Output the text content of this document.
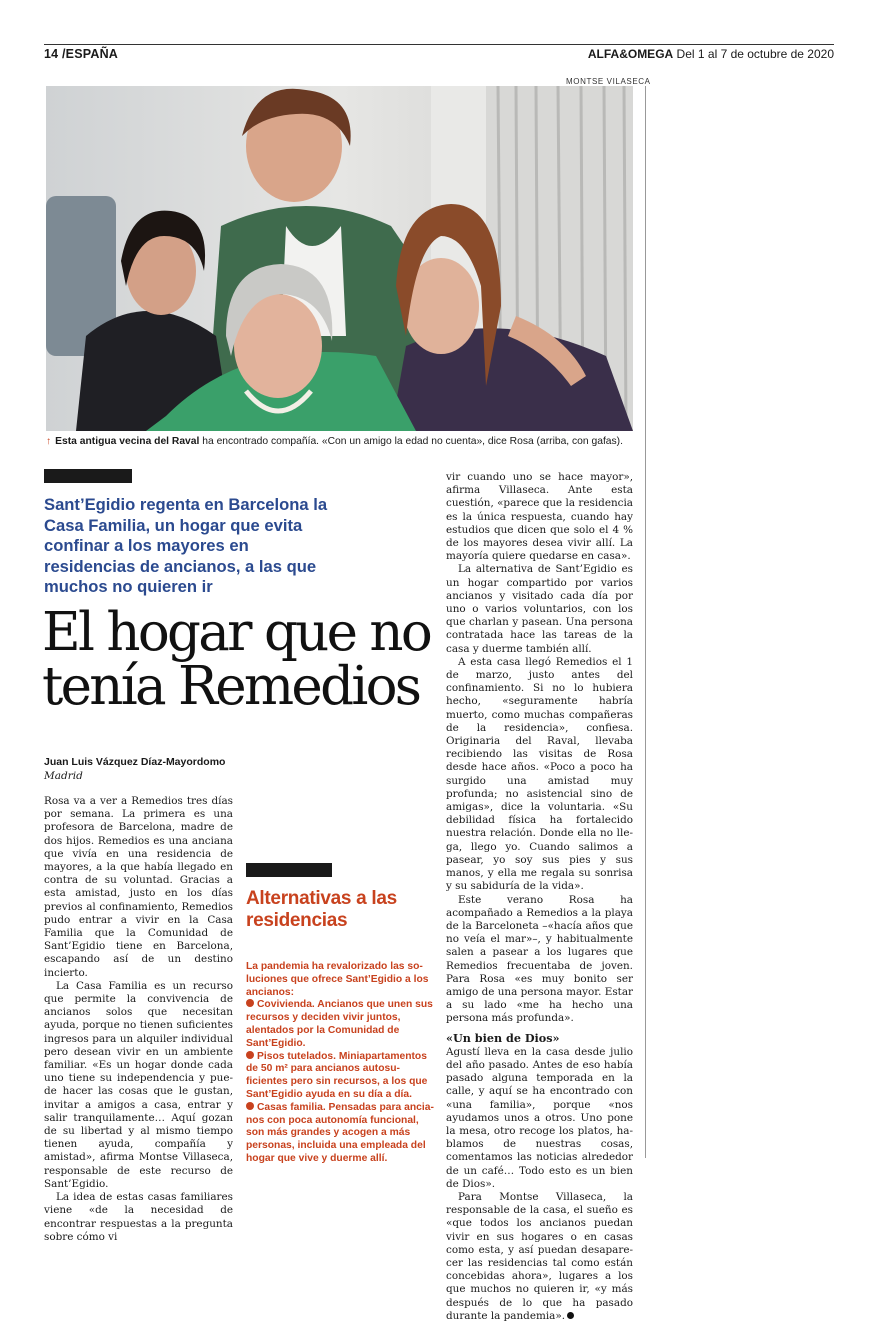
14 /ESPAÑA	ALFA&OMEGA Del 1 al 7 de octubre de 2020
MONTSE VILASECA
↑ Esta antigua vecina del Raval ha encontrado compañía. «Con un amigo la edad no cuenta», dice Rosa (arriba, con gafas).
Sant’Egidio regenta en Barcelona la Casa Familia, un hogar que evita confinar a los mayores en residencias de ancianos, a las que muchos no quieren ir
El hogar que no
tenía Remedios
Juan Luis Vázquez Díaz-Mayordomo
Madrid

Rosa va a ver a Remedios tres días por semana. La primera es una profesora de Barcelona, madre de dos hijos. Remedios es una anciana que vivía en una residencia de mayores, a la que había llegado en contra de su voluntad. Gracias a esta amistad, justo en los días previos al confinamiento, Remedios pudo entrar a vivir en la Casa Familia que la Comunidad de Sant’Egidio tiene en Barcelona, escapando así de un destino incierto.

La Casa Familia es un recurso que permite la convivencia de ancianos solos que necesitan ayuda, porque no tienen suficientes ingresos para un alquiler individual pero desean vivir en un ambiente familiar. «Es un hogar donde cada uno tiene su independencia y puede hacer las cosas que le gustan, invitar a amigos a casa, entrar y salir tranquilamente… Aquí gozan de su libertad y al mismo tiempo tienen ayuda, compañía y amistad», afirma Montse Villaseca, responsable de este recurso de Sant’Egidio.

La idea de estas casas familiares viene «de la necesidad de encontrar respuestas a la pregunta sobre cómo vi

Alternativas a las residencias

La pandemia ha revalorizado las soluciones que ofrece Sant’Egidio a los ancianos:

Covivienda. Ancianos que unen sus recursos y deciden vivir juntos, alentados por la Comunidad de Sant’Egidio.

Pisos tutelados. Miniapartamentos de 50 m² para ancianos autosuficientes pero sin recursos, a los que Sant’Egidio ayuda en su día a día.

Casas familia. Pensadas para ancianos con poca autonomía funcional, son más grandes y acogen a más personas, incluida una empleada del hogar que vive y duerme allí.

vir cuando uno se hace mayor», afirma Villaseca. Ante esta cuestión, «parece que la residencia es la única respuesta, cuando hay estudios que dicen que solo el 4 % de los mayores desea vivir allí. La mayoría quiere quedarse en casa».

La alternativa de Sant’Egidio es un hogar compartido por varios ancianos y visitado cada día por uno o varios voluntarios, con los que charlan y pasean. Una persona contratada hace las tareas de la casa y duerme también allí.

A esta casa llegó Remedios el 1 de marzo, justo antes del confinamiento. Si no lo hubiera hecho, «seguramente habría muerto, como muchas compañeras de la residencia», confiesa. Originaria del Raval, llevaba recibiendo las visitas de Rosa desde hace años. «Poco a poco ha surgido una amistad muy profunda; no asistencial sino de amigas», dice la voluntaria. «Su debilidad física ha fortalecido nuestra relación. Donde ella no llega, llego yo. Cuando salimos a pasear, yo soy sus pies y sus manos, y ella me regala su sonrisa y su sabiduría de la vida».

Este verano Rosa ha acompañado a Remedios a la playa de la Barceloneta –«hacía años que no veía el mar»–, y habitualmente salen a pasear a los lugares que Remedios frecuentaba de joven. Para Rosa «es muy bonito ser amigo de una persona mayor. Estar a su lado «me ha hecho una persona más profunda».

«Un bien de Dios»

Agustí lleva en la casa desde julio del año pasado. Antes de eso había pasado alguna temporada en la calle, y aquí se ha encontrado con «una familia», porque «nos ayudamos unos a otros. Uno pone la mesa, otro recoge los platos, hablamos de nuestras cosas, comentamos las noticias alrededor de un café… Todo esto es un bien de Dios».

Para Montse Villaseca, la responsable de la casa, el sueño es «que todos los ancianos puedan vivir en sus hogares o en casas como esta, y así puedan desaparecer las residencias tal como están concebidas ahora», lugares a los que muchos no quieren ir, «y más después de lo que ha pasado durante la pandemia».
